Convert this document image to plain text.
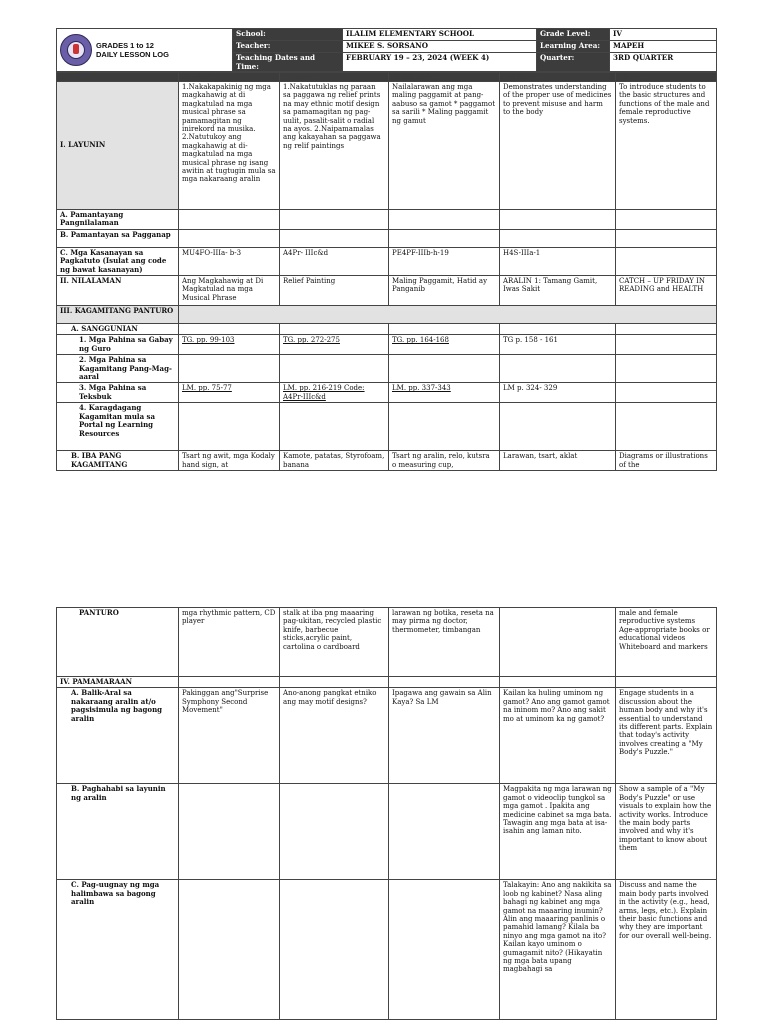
GRADES 1 to 12
DAILY LESSON LOG	School:	ILALIM ELEMENTARY SCHOOL	Grade Level:	IV
	Teacher:	MIKEE S. SORSANO	Learning Area:	MAPEH
	Teaching Dates and Time:	FEBRUARY 19 – 23, 2024 (WEEK 4)	Quarter:	3RD QUARTER
	MONDAY	TUESDAY	WEDNESDAY	THURSDAY	FRIDAY
I. LAYUNIN	1.Nakakapakinig ng mga magkahawig at di magkatulad na mga musical phrase sa pamamagitan ng inirekord na musika. 2.Natutukoy ang magkahawig at di-magkatulad na mga musical phrase ng isang awitin at tugtugin mula sa mga nakaraang aralin	1.Nakatutuklas ng paraan sa paggawa ng relief prints na may ethnic motif design sa pamamagitan ng pag-uulit, pasalit-salit o radial na ayos. 2.Naipamamalas ang kakayahan sa paggawa ng relif paintings	Nailalarawan ang mga maling paggamit at pang-aabuso sa gamot * paggamot sa sarili * Maling paggamit ng gamut	Demonstrates understanding of the proper use of medicines to prevent misuse and harm to the body	To introduce students to the basic structures and functions of the male and female reproductive systems.
A. Pamantayang Pangnilalaman					
B. Pamantayan sa Pagganap					
C. Mga Kasanayan sa Pagkatuto (Isulat ang code ng bawat kasanayan)	MU4FO-IIIa- b-3	A4Pr- IIIc&d	PE4PF-IIIb-h-19	H4S-IIIa-1	
II. NILALAMAN	Ang Magkahawig at Di Magkatulad na mga Musical Phrase	Relief Painting	Maling Paggamit, Hatid ay Panganib	ARALIN 1: Tamang Gamit, Iwas Sakit	CATCH – UP FRIDAY IN READING and HEALTH
III. KAGAMITANG PANTURO					
A. SANGGUNIAN					
1. Mga Pahina sa Gabay ng Guro	TG. pp. 99-103	TG. pp. 272-275	TG. pp. 164-168	TG p. 158 - 161	
2. Mga Pahina sa Kagamitang Pang-Mag-aaral					
3. Mga Pahina sa Teksbuk	LM. pp. 75-77	LM. pp. 216-219 Code: A4Pr-IIIc&d	LM. pp. 337-343	LM p. 324- 329	
4. Karagdagang Kagamitan mula sa Portal ng Learning Resources					
B. IBA PANG KAGAMITANG	Tsart ng awit, mga Kodaly hand sign, at	Kamote, patatas, Styrofoam, banana	Tsart ng aralin, relo, kutsra o measuring cup,	Larawan, tsart, aklat	Diagrams or illustrations of the
PANTURO	mga rhythmic pattern, CD player	stalk at iba png maaaring pag-ukitan, recycled plastic knife, barbecue sticks,acrylic paint, cartolina o cardboard	larawan ng botika, reseta na may pirma ng doctor, thermometer, timbangan		male and female reproductive systems Age-appropriate books or educational videos Whiteboard and markers
IV. PAMAMARAAN					
A. Balik-Aral sa nakaraang aralin at/o pagsisimula ng bagong aralin	Pakinggan ang"Surprise Symphony Second Movement"	Ano-anong pangkat etniko ang may motif designs?	Ipagawa ang gawain sa Alin Kaya? Sa LM	Kailan ka huling uminom ng gamot? Ano ang gamot gamot na ininom mo? Ano ang sakit mo at uminom ka ng gamot?	Engage students in a discussion about the human body and why it's essential to understand its different parts. Explain that today's activity involves creating a "My Body's Puzzle."
B. Paghahabi sa layunin ng aralin				Magpakita ng mga larawan ng gamot o videoclip tungkol sa mga gamot . Ipakita ang medicine cabinet sa mga bata. Tawagin ang mga bata at isa-isahin ang laman nito.	Show a sample of a "My Body's Puzzle" or use visuals to explain how the activity works. Introduce the main body parts involved and why it's important to know about them
C. Pag-uugnay ng mga halimbawa sa bagong aralin				Talakayin: Ano ang nakikita sa loob ng kabinet? Nasa aling bahagi ng kabinet ang mga gamot na maaaring inumin? Alin ang maaaring panlinis o pamahid lamang? Kilala ba ninyo ang mga gamot na ito? Kailan kayo uminom o gumagamit nito? (Hikayatin ng mga bata upang magbahagi sa	Discuss and name the main body parts involved in the activity (e.g., head, arms, legs, etc.). Explain their basic functions and why they are important for our overall well-being.
